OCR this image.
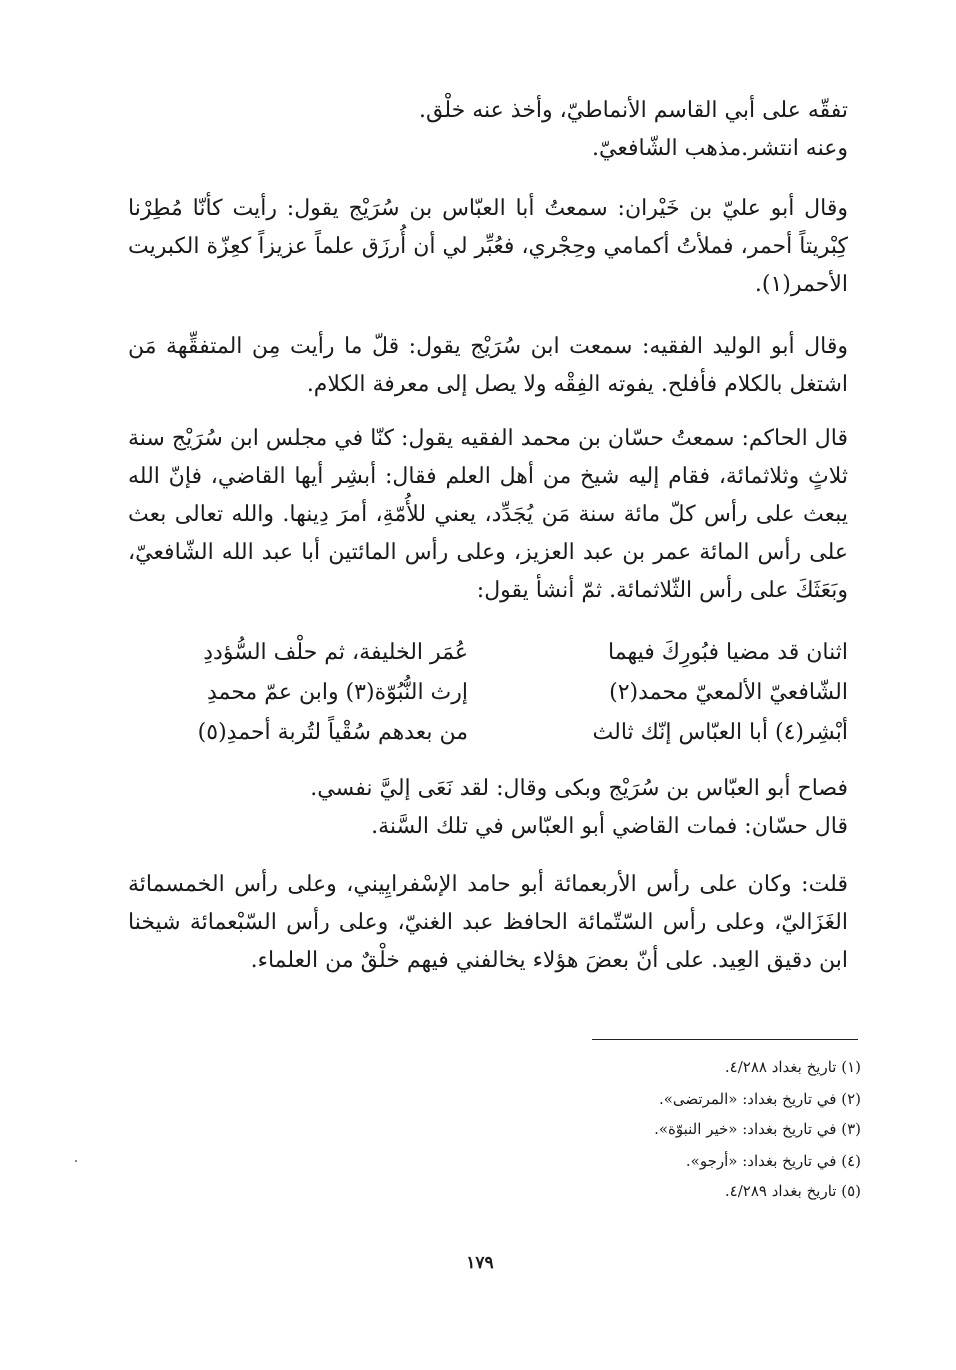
تفقّه على أبي القاسم الأنماطيّ، وأخذ عنه خلْق.
وعنه انتشر.مذهب الشّافعيّ.
وقال أبو عليّ بن خَيْران: سمعتُ أبا العبّاس بن سُرَيْج يقول: رأيت كأنّا مُطِرْنا كِبْريتاً أحمر، فملأتُ أكمامي وحِجْري، فعُبِّر لي أن أُرزَق علماً عزيزاً كعِزّة الكبريت الأحمر(١).
وقال أبو الوليد الفقيه: سمعت ابن سُرَيْج يقول: قلّ ما رأيت مِن المتفقِّهة مَن اشتغل بالكلام فأفلح. يفوته الفِقْه ولا يصل إلى معرفة الكلام.
قال الحاكم: سمعتُ حسّان بن محمد الفقيه يقول: كنّا في مجلس ابن سُرَيْج سنة ثلاثٍ وثلاثمائة، فقام إليه شيخ من أهل العلم فقال: أبشِر أيها القاضي، فإنّ الله يبعث على رأس كلّ مائة سنة مَن يُجَدِّد، يعني للأُمّةِ، أمرَ دِينها. والله تعالى بعث على رأس المائة عمر بن عبد العزيز، وعلى رأس المائتين أبا عبد الله الشّافعيّ، وبَعَثَكَ على رأس الثّلاثمائة. ثمّ أنشأ يقول:
اثنان قد مضيا فبُورِكَ فيهما
عُمَر الخليفة، ثم حلْف السُّؤددِ
الشّافعيّ الألمعيّ محمد(٢)
إرث النُّبُوّة(٣) وابن عمّ محمدِ
أبْشِر(٤) أبا العبّاس إنّك ثالث
من بعدهم سُقْياً لتُربة أحمدِ(٥)
فصاح أبو العبّاس بن سُرَيْج وبكى وقال: لقد نَعَى إليَّ نفسي.
قال حسّان: فمات القاضي أبو العبّاس في تلك السَّنة.
قلت: وكان على رأس الأربعمائة أبو حامد الإسْفرايِيني، وعلى رأس الخمسمائة الغَزَاليّ، وعلى رأس السّتّمائة الحافظ عبد الغنيّ، وعلى رأس السّبْعمائة شيخنا ابن دقيق العِيد. على أنّ بعضَ هؤلاء يخالفني فيهم خلْقٌ من العلماء.
(١) تاريخ بغداد ٤/٢٨٨.
(٢) في تاريخ بغداد: «المرتضى».
(٣) في تاريخ بغداد: «خير النبوّة».
(٤) في تاريخ بغداد: «أرجو».
(٥) تاريخ بغداد ٤/٢٨٩.
١٧٩
